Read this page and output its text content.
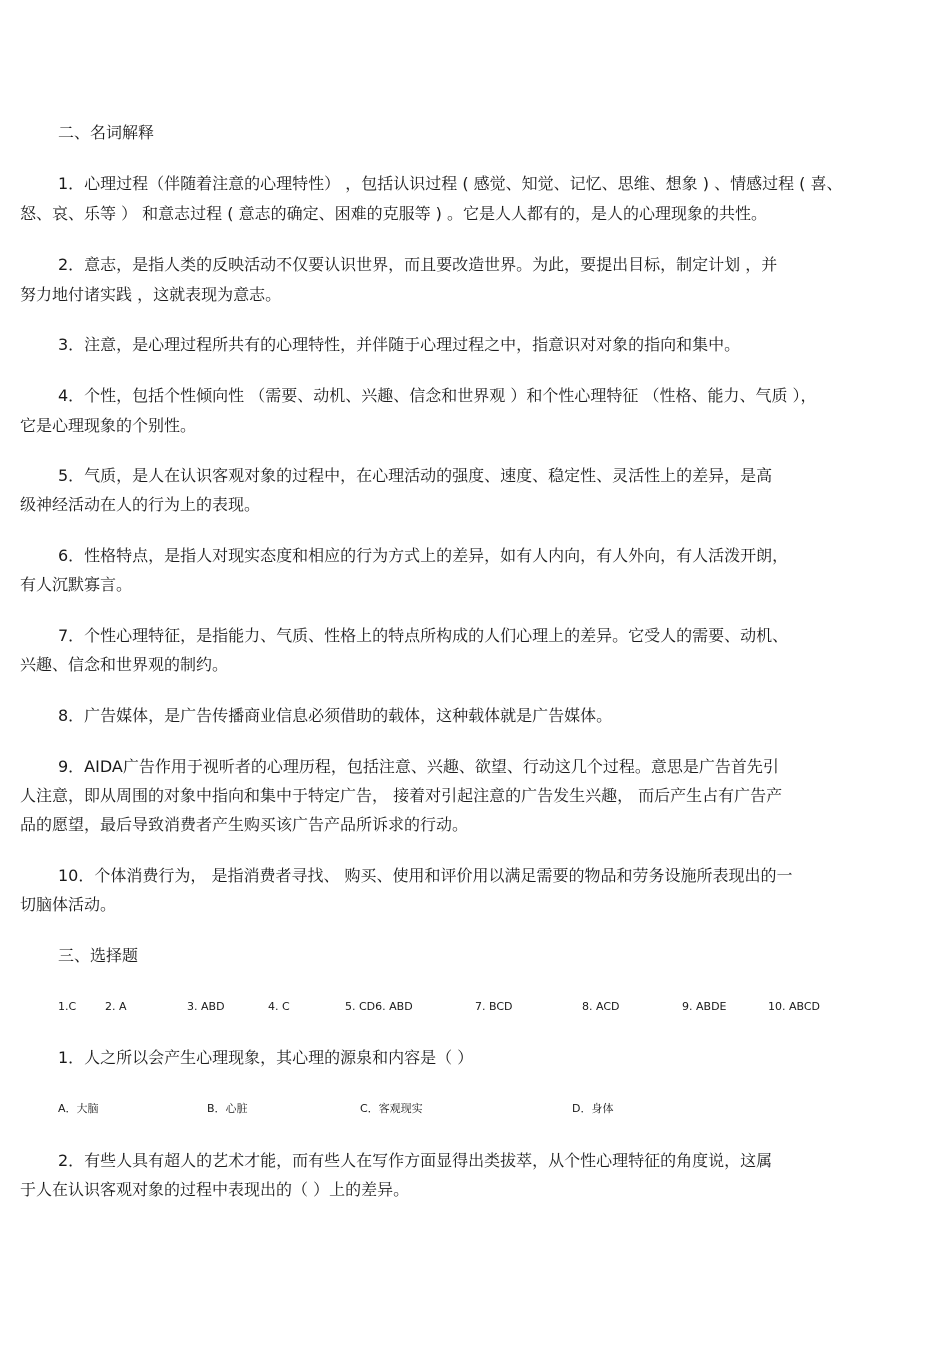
二、名词解释
1．心理过程（伴随着注意的心理特性） ，包括认识过程 ( 感觉、知觉、记忆、思维、想象 ) 、情感过程 ( 喜、
怒、哀、乐等 ） 和意志过程 ( 意志的确定、困难的克服等 ) 。它是人人都有的，是人的心理现象的共性。
2．意志，是指人类的反映活动不仅要认识世界，而且要改造世界。为此，要提出目标，制定计划 ，并
努力地付诸实践 ，这就表现为意志。
3．注意，是心理过程所共有的心理特性，并伴随于心理过程之中，指意识对对象的指向和集中。
4．个性，包括个性倾向性 （需要、动机、兴趣、信念和世界观 ）和个性心理特征 （性格、能力、气质 ），
它是心理现象的个别性。
5．气质，是人在认识客观对象的过程中，在心理活动的强度、速度、稳定性、灵活性上的差异，是高
级神经活动在人的行为上的表现。
6．性格特点，是指人对现实态度和相应的行为方式上的差异，如有人内向，有人外向，有人活泼开朗，
有人沉默寡言。
7．个性心理特征，是指能力、气质、性格上的特点所构成的人们心理上的差异。它受人的需要、动机、
兴趣、信念和世界观的制约。
8．广告媒体，是广告传播商业信息必须借助的载体，这种载体就是广告媒体。
9．AIDA广告作用于视听者的心理历程，包括注意、兴趣、欲望、行动这几个过程。意思是广告首先引
人注意，即从周围的对象中指向和集中于特定广告， 接着对引起注意的广告发生兴趣， 而后产生占有广告产
品的愿望，最后导致消费者产生购买该广告产品所诉求的行动。
10．个体消费行为， 是指消费者寻找、 购买、使用和评价用以满足需要的物品和劳务设施所表现出的一
切脑体活动。
三、选择题
1.C	2. A	3. ABD	4. C	5. CD6. ABD	7. BCD	8. ACD	9. ABDE	10. ABCD
1．人之所以会产生心理现象，其心理的源泉和内容是（ ）
A．大脑	B．心脏	C．客观现实	D．身体
2．有些人具有超人的艺术才能，而有些人在写作方面显得出类拔萃，从个性心理特征的角度说，这属
于人在认识客观对象的过程中表现出的（ ）上的差异。
